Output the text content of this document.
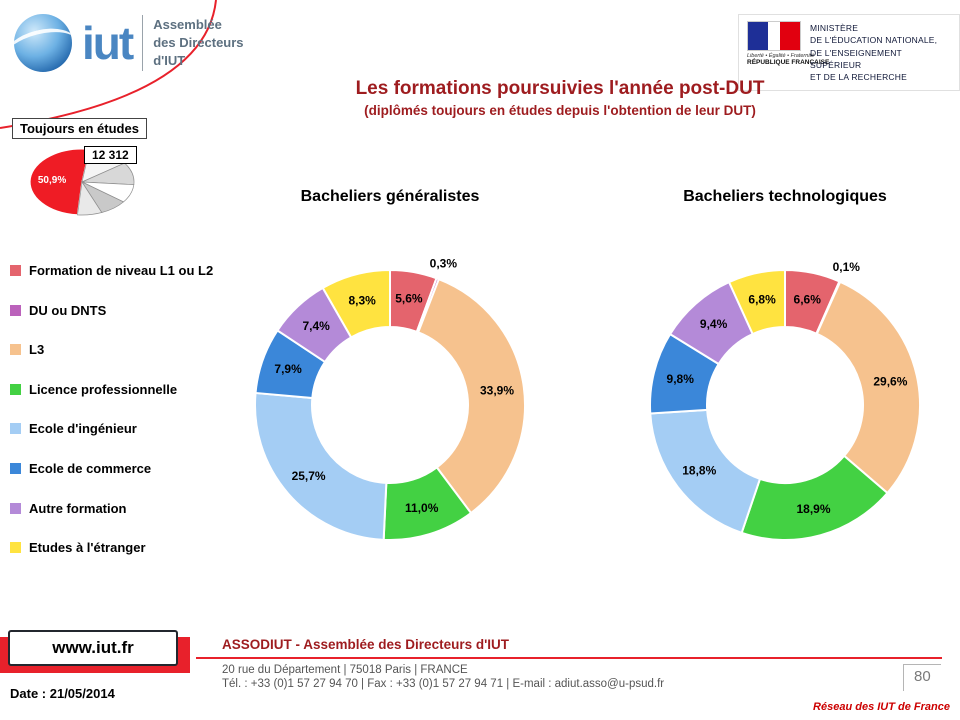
iut Assemblée
des Directeurs
d'IUT	Liberté • Égalité • Fraternité
RÉPUBLIQUE FRANÇAISE
MINISTÈRE
DE L'ÉDUCATION NATIONALE,
DE L'ENSEIGNEMENT SUPÉRIEUR
ET DE LA RECHERCHE
Les formations poursuivies l'année post-DUT
(diplômés toujours en études depuis l'obtention de leur DUT)
Toujours en études
50,9%
12 312
Formation de niveau L1 ou L2
DU ou DNTS
L3
Licence professionnelle
Ecole d'ingénieur
Ecole de commerce
Autre formation
Etudes à l'étranger
Bacheliers généralistes	Bacheliers technologiques
5,6%
0,3%
33,9%
11,0%
25,7%
7,9%
7,4%
8,3%	6,6%
0,1%
29,6%
18,9%
18,8%
9,8%
9,4%
6,8%
www.iut.fr
Date : 21/05/2014
ASSODIUT - Assemblée des Directeurs d'IUT
20 rue du Département | 75018 Paris | FRANCE
Tél. : +33 (0)1 57 27 94 70 | Fax : +33 (0)1 57 27 94 71 | E-mail : adiut.asso@u-psud.fr	80
Réseau des IUT de France
